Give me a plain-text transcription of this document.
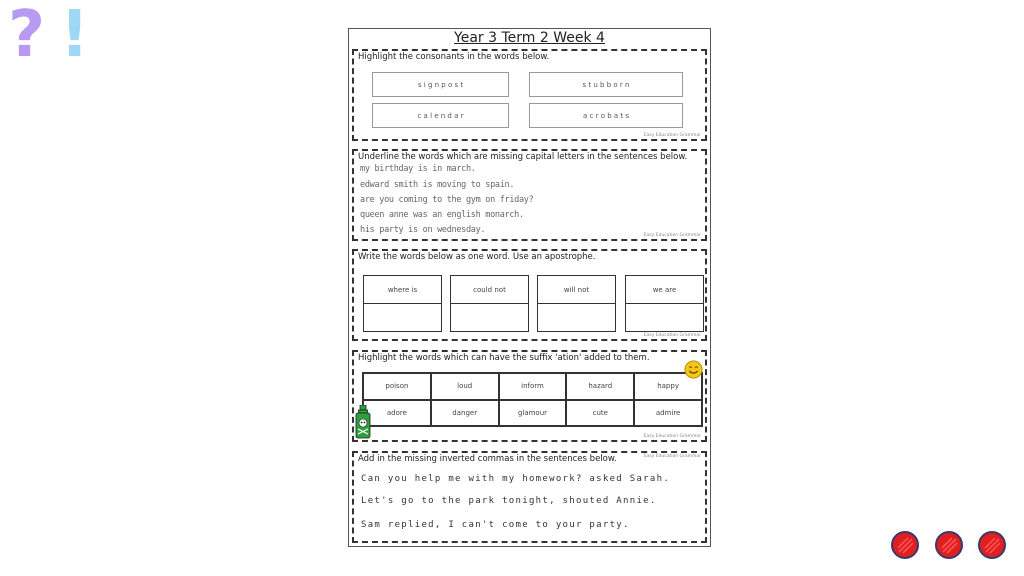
? !	Year 3 Term 2 Week 4
Highlight the consonants in the words below.
s i g n p o s t	s t u b b o r n
c a l e n d a r	a c r o b a t s
Easy Education Grammar
Underline the words which are missing capital letters in the sentences below.
my birthday is in march.
edward smith is moving to spain.
are you coming to the gym on friday?
queen anne was an english monarch.
his party is on wednesday.
Easy Education Grammar
Write the words below as one word. Use an apostrophe.
where is	could not	will not	we are
Easy Education Grammar
Highlight the words which can have the suffix 'ation' added to them.
poison	loud	inform	hazard	happy
adore	danger	glamour	cute	admire
Easy Education Grammar
Add in the missing inverted commas in the sentences below.	Easy Education Grammar
Can you help me with my homework? asked Sarah.
Let's go to the park tonight, shouted Annie.
Sam replied, I can't come to your party.
